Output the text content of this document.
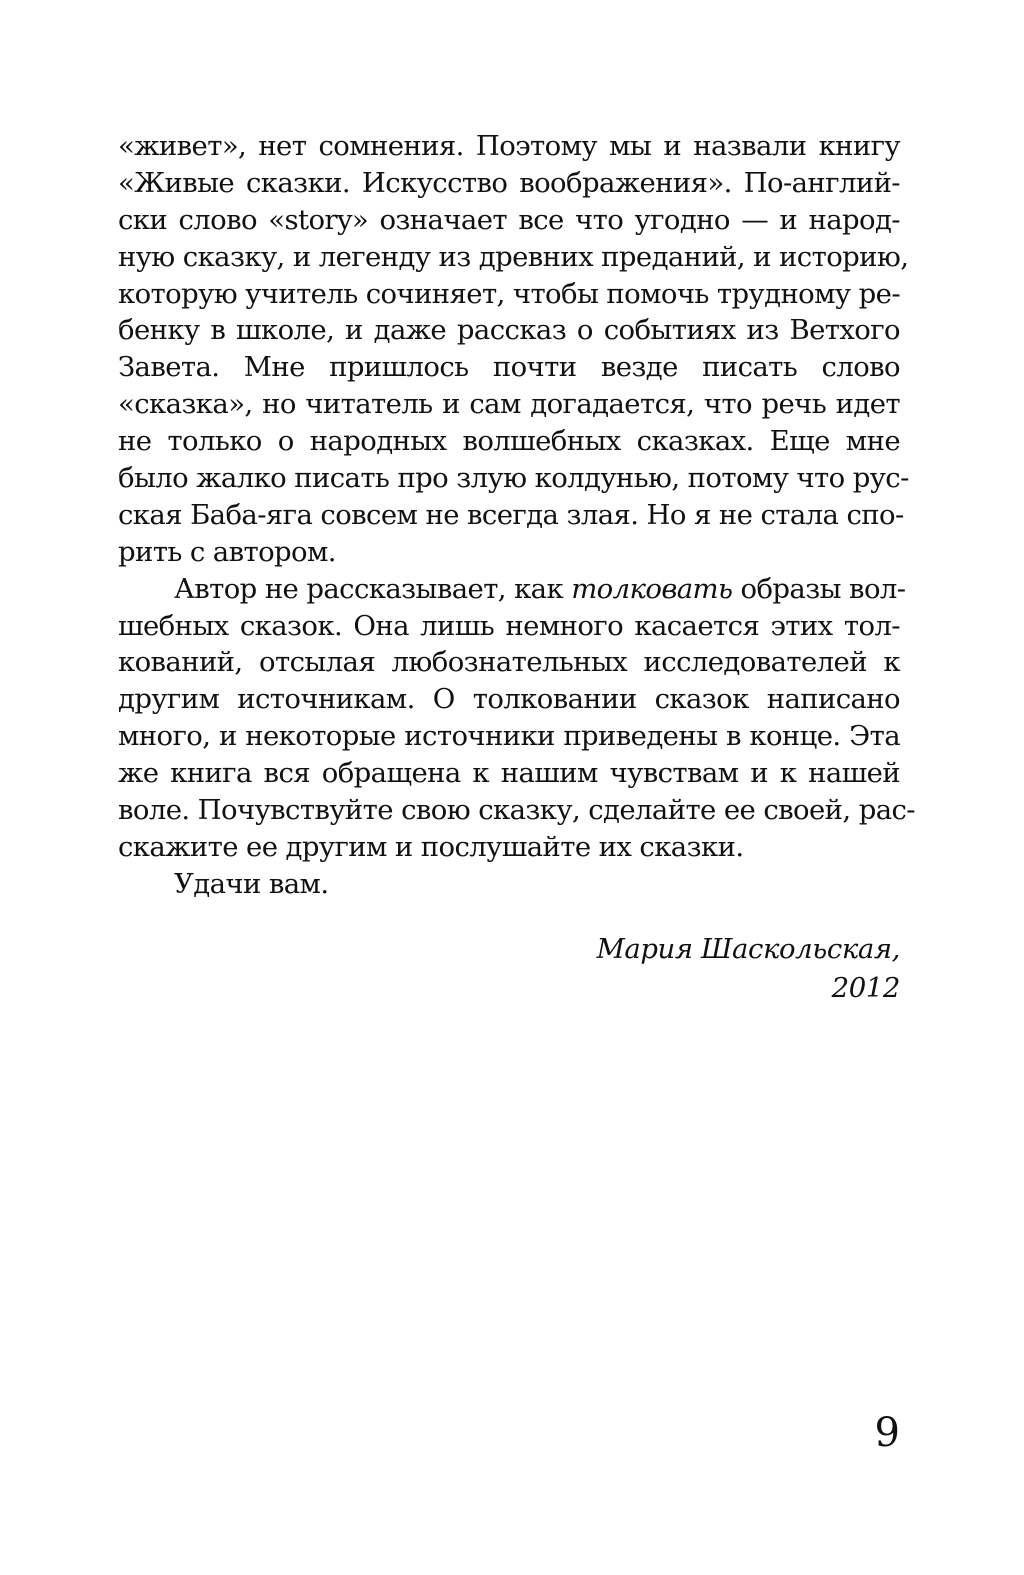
«живет», нет сомнения. Поэтому мы и назвали книгу
«Живые сказки. Искусство воображения». По-англий-
ски слово «story» означает все что угодно — и народ-
ную сказку, и легенду из древних преданий, и историю,
которую учитель сочиняет, чтобы помочь трудному ре-
бенку в школе, и даже рассказ о событиях из Ветхого
Завета. Мне пришлось почти везде писать слово
«сказка», но читатель и сам догадается, что речь идет
не только о народных волшебных сказках. Еще мне
было жалко писать про злую колдунью, потому что рус-
ская Баба-яга совсем не всегда злая. Но я не стала спо-
рить с автором.
Автор не рассказывает, как толковать образы вол-
шебных сказок. Она лишь немного касается этих тол-
кований, отсылая любознательных исследователей к
другим источникам. О толковании сказок написано
много, и некоторые источники приведены в конце. Эта
же книга вся обращена к нашим чувствам и к нашей
воле. Почувствуйте свою сказку, сделайте ее своей, рас-
скажите ее другим и послушайте их сказки.
Удачи вам.
Мария Шаскольская,
2012
9
